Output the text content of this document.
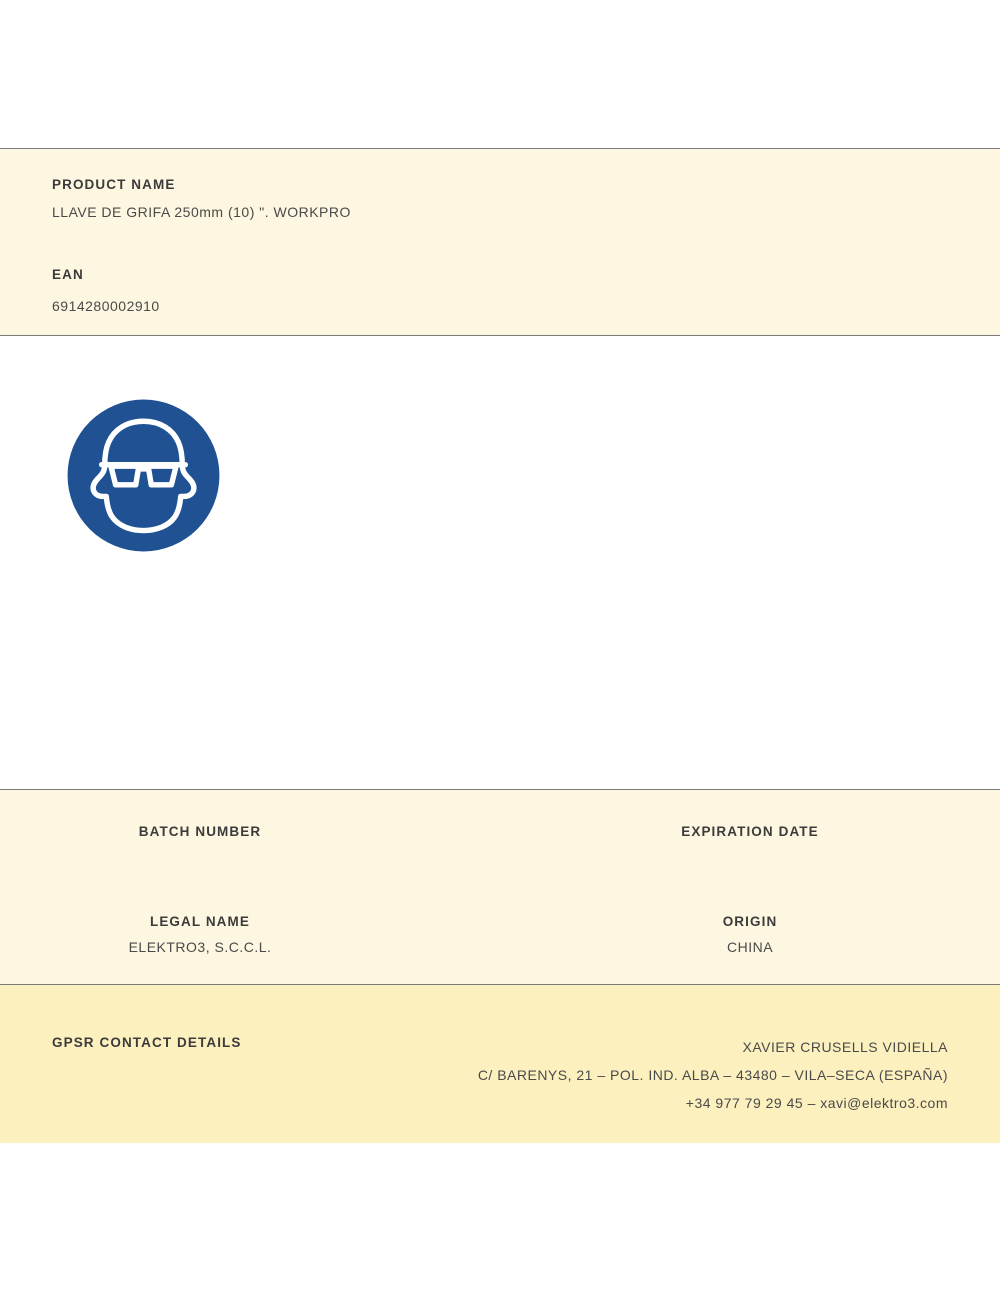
PRODUCT NAME
LLAVE DE GRIFA 250mm (10) ". WORKPRO
EAN
6914280002910
BATCH NUMBER	EXPIRATION DATE
LEGAL NAME
ELEKTRO3, S.C.C.L.
ORIGIN
CHINA
GPSR CONTACT DETAILS	XAVIER CRUSELLS VIDIELLA
C/ BARENYS, 21 – POL. IND. ALBA – 43480 – VILA–SECA (ESPAÑA)
+34 977 79 29 45 – xavi@elektro3.com
